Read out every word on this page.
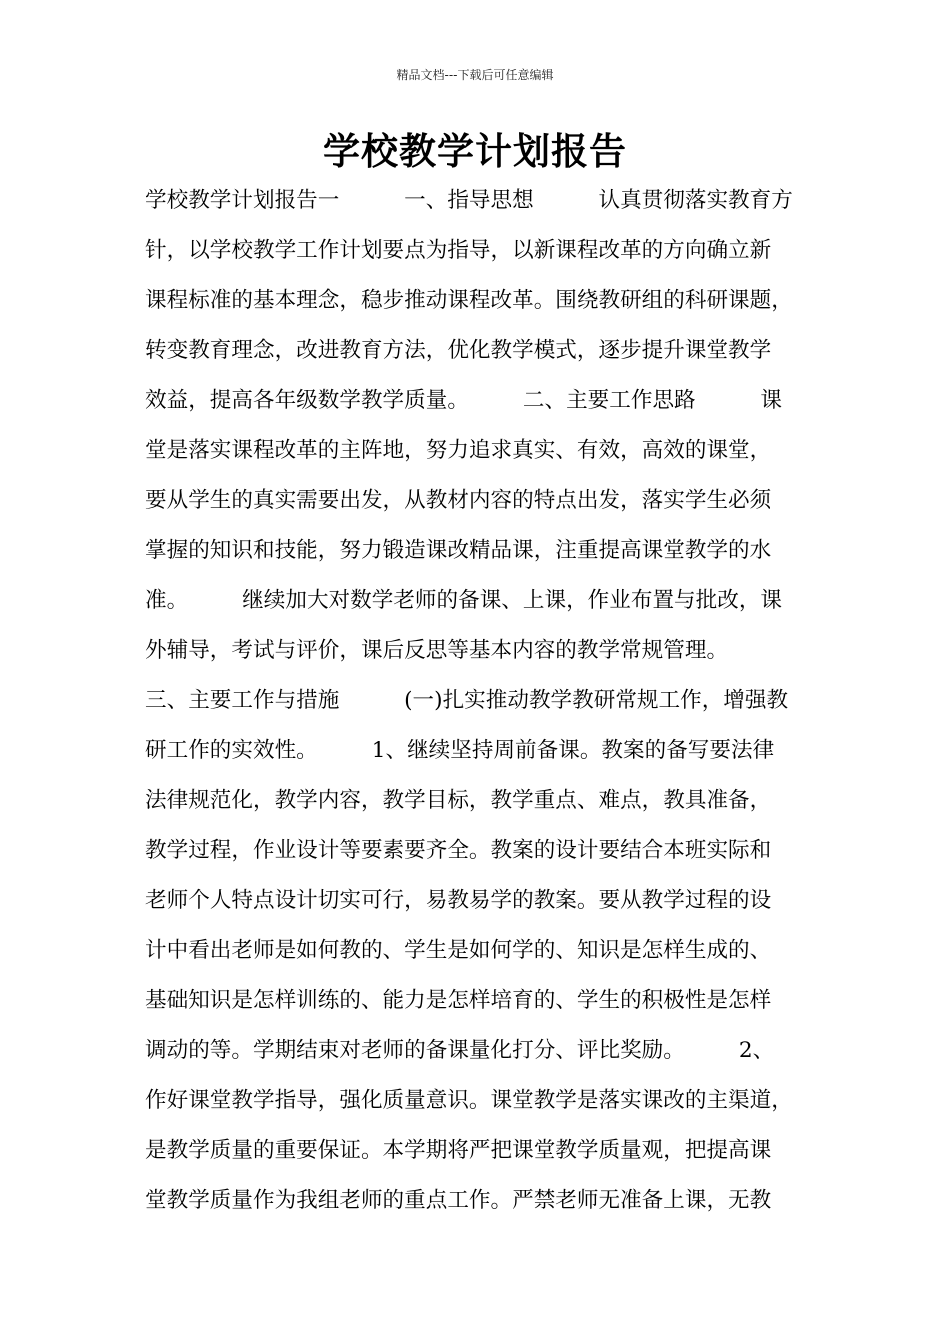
精品文档---下载后可任意编辑
学校教学计划报告
学校教学计划报告一　　　一、指导思想　　　认真贯彻落实教育方
针，以学校教学工作计划要点为指导，以新课程改革的方向确立新
课程标准的基本理念，稳步推动课程改革。围绕教研组的科研课题，
转变教育理念，改进教育方法，优化教学模式，逐步提升课堂教学
效益，提高各年级数学教学质量。　　　二、主要工作思路　　　课
堂是落实课程改革的主阵地，努力追求真实、有效，高效的课堂，
要从学生的真实需要出发，从教材内容的特点出发，落实学生必须
掌握的知识和技能，努力锻造课改精品课，注重提高课堂教学的水
准。　　　继续加大对数学老师的备课、上课，作业布置与批改，课
外辅导，考试与评价，课后反思等基本内容的教学常规管理。
三、主要工作与措施　　　(一)扎实推动教学教研常规工作，增强教
研工作的实效性。　　　1、继续坚持周前备课。教案的备写要法律
法律规范化，教学内容，教学目标，教学重点、难点，教具准备，
教学过程，作业设计等要素要齐全。教案的设计要结合本班实际和
老师个人特点设计切实可行，易教易学的教案。要从教学过程的设
计中看出老师是如何教的、学生是如何学的、知识是怎样生成的、
基础知识是怎样训练的、能力是怎样培育的、学生的积极性是怎样
调动的等。学期结束对老师的备课量化打分、评比奖励。　　　2、
作好课堂教学指导，强化质量意识。课堂教学是落实课改的主渠道，
是教学质量的重要保证。本学期将严把课堂教学质量观，把提高课
堂教学质量作为我组老师的重点工作。严禁老师无准备上课，无教
